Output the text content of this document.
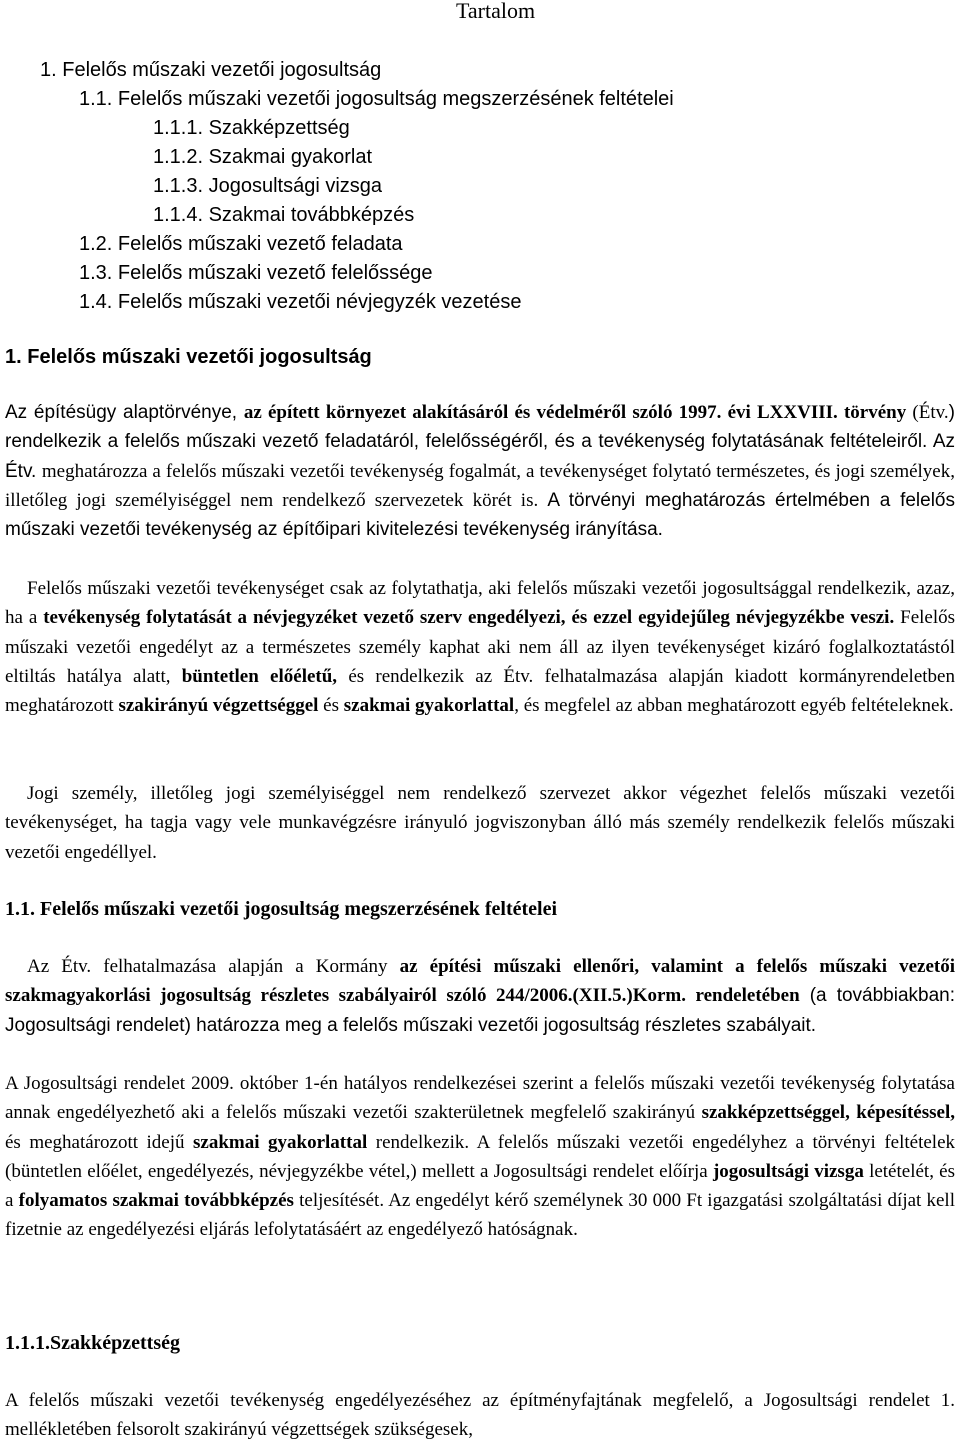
Tartalom
1. Felelős műszaki vezetői jogosultság
1.1. Felelős műszaki vezetői jogosultság megszerzésének feltételei
1.1.1. Szakképzettség
1.1.2. Szakmai gyakorlat
1.1.3. Jogosultsági vizsga
1.1.4. Szakmai továbbképzés
1.2. Felelős műszaki vezető feladata
1.3. Felelős műszaki vezető felelőssége
1.4. Felelős műszaki vezetői névjegyzék vezetése
1. Felelős műszaki vezetői jogosultság

Az építésügy alaptörvénye, az épített környezet alakításáról és védelméről szóló 1997. évi LXXVIII. törvény (Étv.) rendelkezik a felelős műszaki vezető feladatáról, felelősségéről, és a tevékenység folytatásának feltételeiről. Az Étv. meghatározza a felelős műszaki vezetői tevékenység fogalmát, a tevékenységet folytató természetes, és jogi személyek, illetőleg jogi személyiséggel nem rendelkező szervezetek körét is. A törvényi meghatározás értelmében a felelős műszaki vezetői tevékenység az építőipari kivitelezési tevékenység irányítása.

Felelős műszaki vezetői tevékenységet csak az folytathatja, aki felelős műszaki vezetői jogosultsággal rendelkezik, azaz, ha a tevékenység folytatását a névjegyzéket vezető szerv engedélyezi, és ezzel egyidejűleg névjegyzékbe veszi. Felelős műszaki vezetői engedélyt az a természetes személy kaphat aki nem áll az ilyen tevékenységet kizáró foglalkoztatástól eltiltás hatálya alatt, büntetlen előéletű, és rendelkezik az Étv. felhatalmazása alapján kiadott kormányrendeletben meghatározott szakirányú végzettséggel és szakmai gyakorlattal, és megfelel az abban meghatározott egyéb feltételeknek.

Jogi személy, illetőleg jogi személyiséggel nem rendelkező szervezet akkor végezhet felelős műszaki vezetői tevékenységet, ha tagja vagy vele munkavégzésre irányuló jogviszonyban álló más személy rendelkezik felelős műszaki vezetői engedéllyel.

1.1. Felelős műszaki vezetői jogosultság megszerzésének feltételei

Az Étv. felhatalmazása alapján a Kormány az építési műszaki ellenőri, valamint a felelős műszaki vezetői szakmagyakorlási jogosultság részletes szabályairól szóló 244/2006.(XII.5.)Korm. rendeletében (a továbbiakban: Jogosultsági rendelet) határozza meg a felelős műszaki vezetői jogosultság részletes szabályait.

A Jogosultsági rendelet 2009. október 1-én hatályos rendelkezései szerint a felelős műszaki vezetői tevékenység folytatása annak engedélyezhető aki a felelős műszaki vezetői szakterületnek megfelelő szakirányú szakképzettséggel, képesítéssel, és meghatározott idejű szakmai gyakorlattal rendelkezik. A felelős műszaki vezetői engedélyhez a törvényi feltételek (büntetlen előélet, engedélyezés, névjegyzékbe vétel,) mellett a Jogosultsági rendelet előírja jogosultsági vizsga letételét, és a folyamatos szakmai továbbképzés teljesítését. Az engedélyt kérő személynek 30 000 Ft igazgatási szolgáltatási díjat kell fizetnie az engedélyezési eljárás lefolytatásáért az engedélyező hatóságnak.

1.1.1.Szakképzettség

A felelős műszaki vezetői tevékenység engedélyezéséhez az építményfajtának megfelelő, a Jogosultsági rendelet 1. mellékletében felsorolt szakirányú végzettségek szükségesek,
